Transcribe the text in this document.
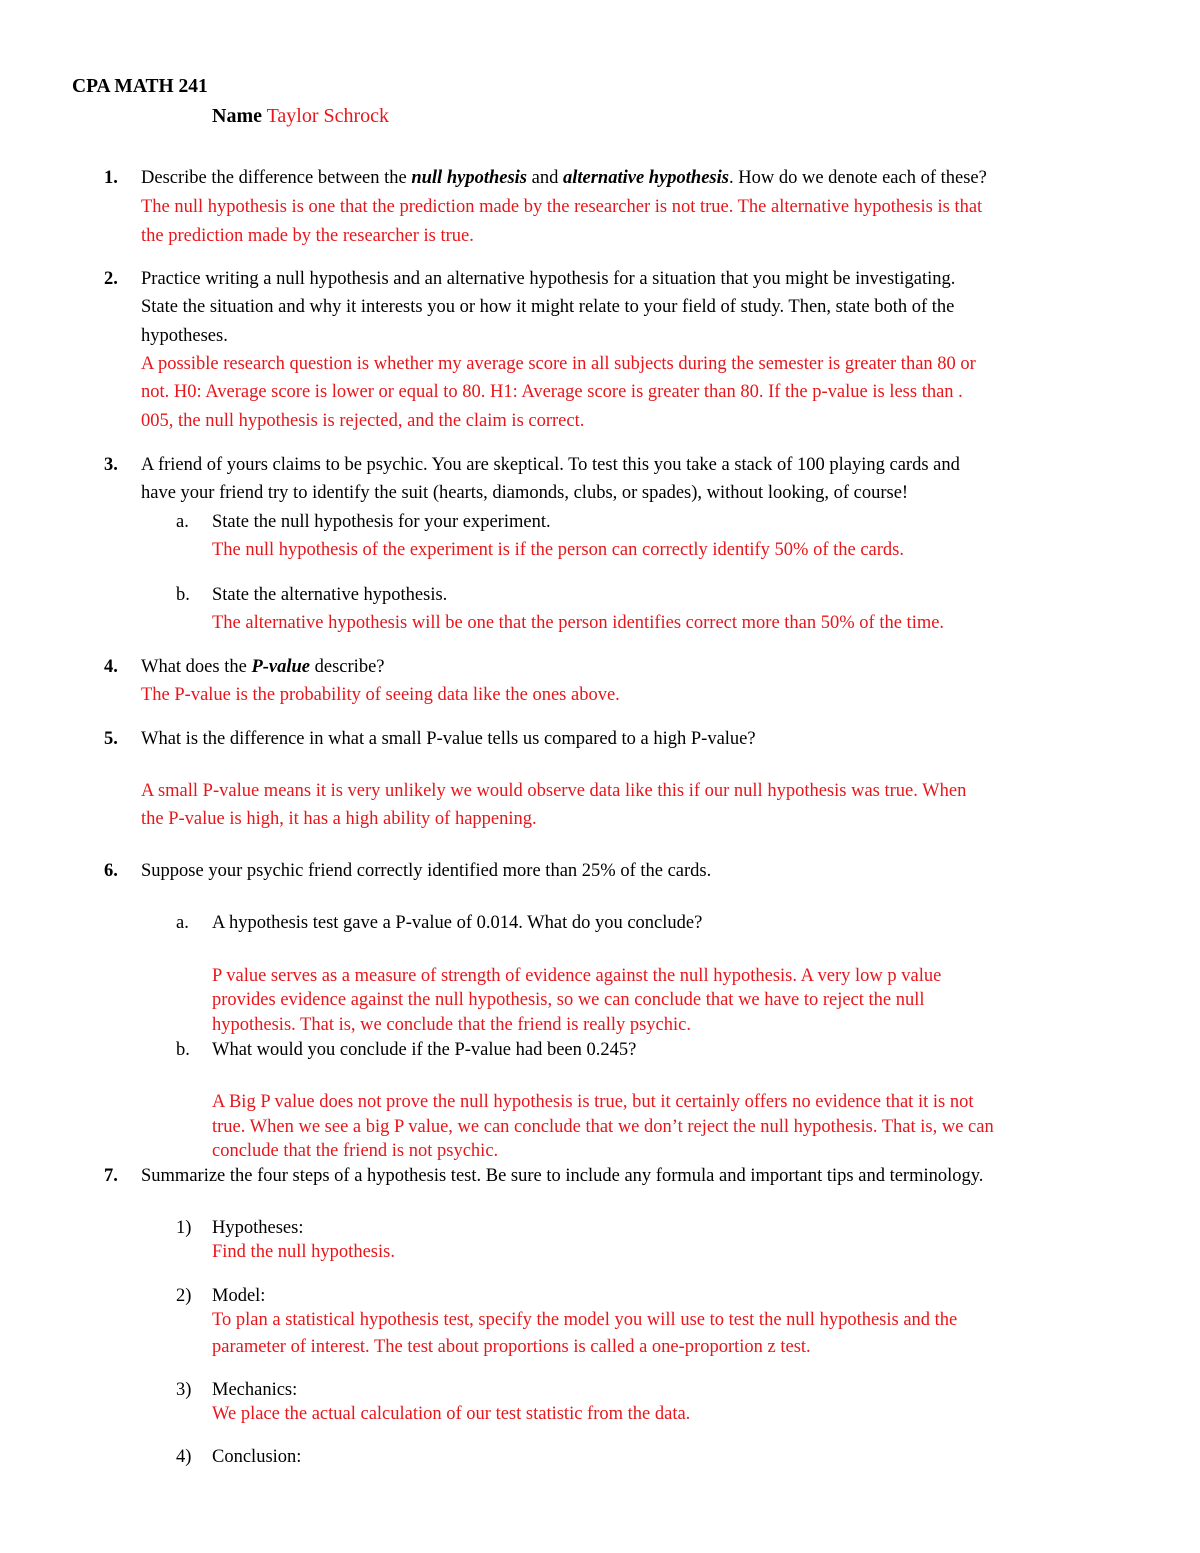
CPA MATH 241
Name Taylor Schrock
1. Describe the difference between the null hypothesis and alternative hypothesis. How do we denote each of these?
The null hypothesis is one that the prediction made by the researcher is not true. The alternative hypothesis is that
the prediction made by the researcher is true.
2. Practice writing a null hypothesis and an alternative hypothesis for a situation that you might be investigating.
State the situation and why it interests you or how it might relate to your field of study. Then, state both of the
hypotheses.
A possible research question is whether my average score in all subjects during the semester is greater than 80 or
not. H0: Average score is lower or equal to 80. H1: Average score is greater than 80. If the p-value is less than .
005, the null hypothesis is rejected, and the claim is correct.
3. A friend of yours claims to be psychic. You are skeptical. To test this you take a stack of 100 playing cards and
have your friend try to identify the suit (hearts, diamonds, clubs, or spades), without looking, of course!
a. State the null hypothesis for your experiment.
The null hypothesis of the experiment is if the person can correctly identify 50% of the cards.
b. State the alternative hypothesis.
The alternative hypothesis will be one that the person identifies correct more than 50% of the time.
4. What does the P-value describe?
The P-value is the probability of seeing data like the ones above.
5. What is the difference in what a small P-value tells us compared to a high P-value?
A small P-value means it is very unlikely we would observe data like this if our null hypothesis was true. When
the P-value is high, it has a high ability of happening.
6. Suppose your psychic friend correctly identified more than 25% of the cards.
a. A hypothesis test gave a P-value of 0.014. What do you conclude?
P value serves as a measure of strength of evidence against the null hypothesis. A very low p value
provides evidence against the null hypothesis, so we can conclude that we have to reject the null
hypothesis. That is, we conclude that the friend is really psychic.
b. What would you conclude if the P-value had been 0.245?
A Big P value does not prove the null hypothesis is true, but it certainly offers no evidence that it is not
true. When we see a big P value, we can conclude that we don’t reject the null hypothesis. That is, we can
conclude that the friend is not psychic.
7. Summarize the four steps of a hypothesis test. Be sure to include any formula and important tips and terminology.
1) Hypotheses:
Find the null hypothesis.
2) Model:
To plan a statistical hypothesis test, specify the model you will use to test the null hypothesis and the
parameter of interest. The test about proportions is called a one-proportion z test.
3) Mechanics:
We place the actual calculation of our test statistic from the data.
4) Conclusion:
